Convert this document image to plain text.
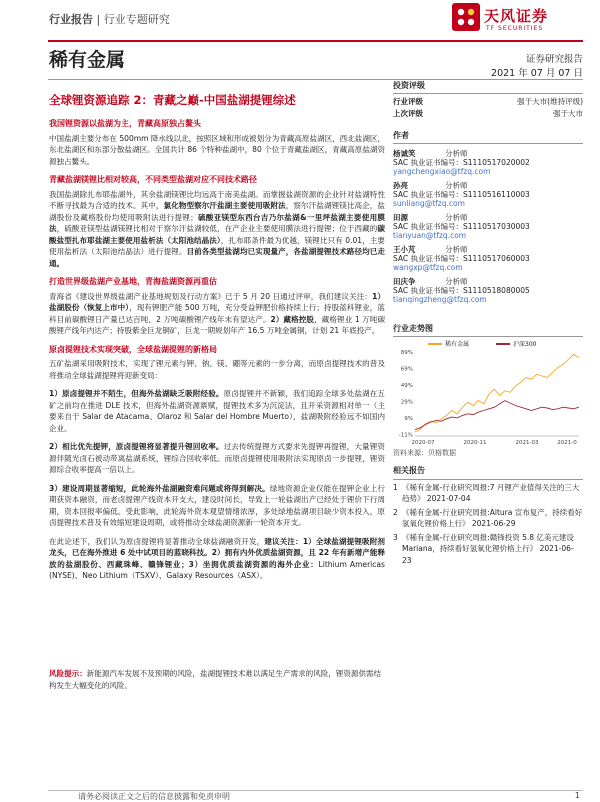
行业报告 | 行业专题研究	天风证券
TF SECURITIES
稀有金属	证券研究报告
2021 年 07 月 07 日
全球锂资源追踪 2：青藏之巅-中国盐湖提锂综述
我国锂资源以盐湖为主，青藏高原独占鳌头

中国盐湖主要分布在 500mm 降水线以北，按照区域和形成被划分为青藏高原盐湖区，西北盐湖区，东北盐湖区和东部分散盐湖区。全国共计 86 个特种盐湖中，80 个位于青藏盐湖区，青藏高原盐湖资源独占鳌头。

青藏盐湖镁锂比相对较高，不同类型盐湖对应不同技术路径

我国盐湖除扎布耶盐湖外，其余盐湖镁锂比均远高于南美盐湖。而掌握盐湖资源的企业针对盐湖特性不断寻找最为合适的技术。其中，氯化物型察尔汗盐湖主要使用吸附法，察尔汗盐湖锂镁比高企，盐湖股份及藏格股份均使用吸附法进行提锂；硫酸亚镁型东西台吉乃尔盐湖&一里坪盐湖主要使用膜法，硫酸亚镁型盐湖镁锂比相对于察尔汗盐湖较低，在产企业主要使用膜法进行提锂；位于西藏的碳酸盐型扎布耶盐湖主要使用盐析法（太阳池结晶法），扎布耶条件最为优越，镁锂比只有 0.01，主要使用盐析法（太阳池结晶法）进行提锂。目前各类型盐湖均已实现量产，各盐湖提锂技术路径均已走通。

打造世界级盐湖产业基地，青海盐湖资源再重估

青海省《建设世界级盐湖产业基地规划及行动方案》已于 5 月 20 日通过评审，我们建议关注：1）盐湖股份（恢复上市中），现有钾肥产能 500 万吨，充分受益钾肥价格持续上行；持股蓝科锂业，蓝科目前碳酸锂日产量已达百吨，2 万吨碳酸锂产线年末有望达产。2）藏格控股，藏格锂业 1 万吨碳酸锂产线年内达产；持股紫金巨龙铜矿，巨龙一期规划年产 16.5 万吨金属铜，计划 21 年底投产。

原卤提锂技术实现突破，全球盐湖提锂的新格局

五矿盐湖采用吸附技术，实现了锂元素与钾、钠、镁、硼等元素的一步分离，而原卤提锂技术的普及将推动全球盐湖提锂将迎新变局：

1）原卤提锂并不陌生，但海外盐湖缺乏吸附经验。原卤提锂并不新颖，我们追踪全球多处盐湖在五矿之前均在推进 DLE 技术，但海外盐湖资源禀赋，提锂技术多为沉淀法，且开采资源相对单一（主要来自于 Salar de Atacama、Olaroz 和 Salar del Hombre Muerto），盐湖吸附经验远不如国内企业。

2）相比优先提钾，原卤提锂将显著提升锂回收率。过去传统提锂方式要求先提钾再提锂，大量锂资源伴随光卤石被动带离盐湖系统，锂综合回收率低。而原卤提锂使用吸附法实现原卤一步提锂，锂资源综合收率提高一倍以上。

3）建设周期显著缩短，此轮海外盐湖融资难问题或将得到解决。绿地资源企业仅能在提钾企业上行期获资本融资，而老卤提锂产线资本开支大，建设时间长，导致上一轮盐湖出产已经处于锂价下行周期，资本回报率偏低。受此影响，此轮海外资本观望情绪浓厚，多处绿地盐湖项目缺少资本投入，原卤提锂技术普及有效缩短建设周期，或将推动全球盐湖资源新一轮资本开支。

在此论述下，我们认为原卤提锂将显著推动全球盐湖融资开发，建议关注：1）全球盐湖提锂吸附剂龙头，已在海外推进 6 处中试项目的蓝晓科技。2）拥有内外优质盐湖资源，且 22 年有新增产能释放的盐湖股份、西藏珠峰、赣锋锂业；3）坐拥优质盐湖资源的海外企业：Lithium Americas (NYSE)、Neo Lithium（TSXV）、Galaxy Resources（ASX）。

风险提示：新能源汽车发展不及预期的风险，盐湖提锂技术难以满足生产需求的风险，锂资源供需结构发生大幅变化的风险。
投资评级
行业评级	强于大市(维持评级)
上次评级	强于大市
作者
杨诚笑	分析师
SAC 执业证书编号：S1110517020002
yangchengxiao@tfzq.com
孙亮	分析师
SAC 执业证书编号：S1110516110003
sunliang@tfzq.com
田源	分析师
SAC 执业证书编号：S1110517030003
tianyuan@tfzq.com
王小芃	分析师
SAC 执业证书编号：S1110517060003
wangxp@tfzq.com
田庆争	分析师
SAC 执业证书编号：S1110518080005
tianqingzheng@tfzq.com
行业走势图
89%
69%
49%
29%
9%
-11%
2020-07	2020-11	2021-03	2021-0
稀有金属	沪深300
资料来源：贝格数据
相关报告
1 《稀有金属-行业研究周报:7 月锂产业值得关注的三大趋势》 2021-07-04
2 《稀有金属-行业研究周报:Altura 宣布复产，持续看好氢氧化锂价格上行》 2021-06-29
3 《稀有金属-行业研究周报:赣锋投资 5.8 亿美元建设 Mariana，持续看好氢氧化锂价格上行》 2021-06-23
请务必阅读正文之后的信息披露和免责申明	1
